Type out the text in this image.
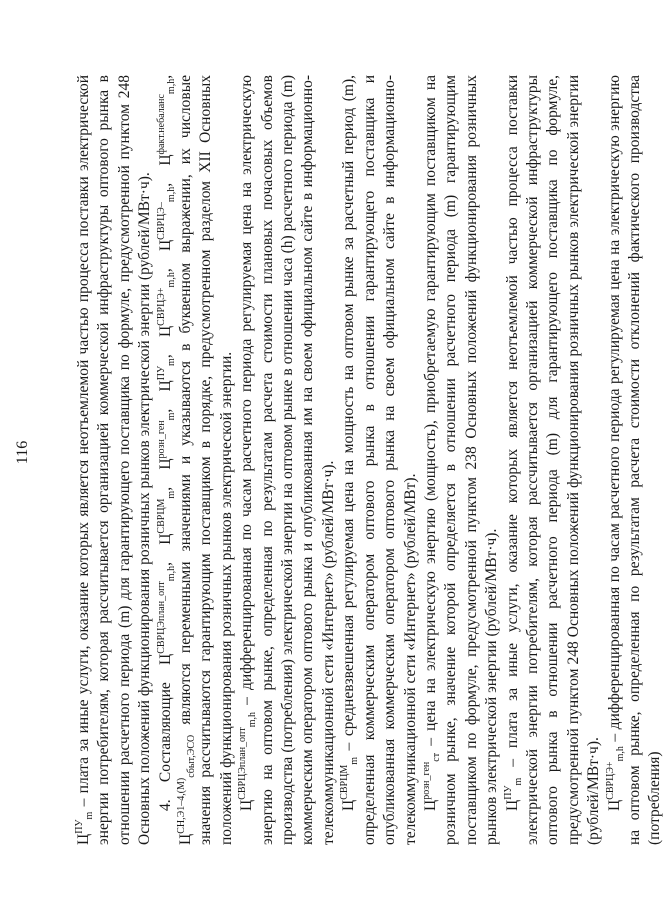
116

$Ц^{ПУ}_m$ – плата за иные услуги, оказание которых является неотъемлемой частью процесса поставки электрической энергии потребителям, которая рассчитывается организацией коммерческой инфраструктуры оптового рынка в отношении расчетного периода (m) для гарантирующего поставщика по формуле, предусмотренной пунктом 248 Основных положений функционирования розничных рынков электрической энергии (рублей/МВт·ч). 4. Составляющие $Ц^{СВРЦЭплан\_опт}_{m,h}$, $Ц^{СВРЦМ}_m$, $Ц^{розн\_ген}_m$, $Ц^{ПУ}_m$, $Ц^{СВРЦЭ+}_{m,h}$, $Ц^{СВРЦЭ-}_{m,h}$, $Ц^{факт.небаланс}_{m,h}$, $Ц^{СН,Э1-4,(М)}_{сбыт,ЭСО}$ являются переменными значениями и указываются в буквенном выражении, их числовые значения рассчитываются гарантирующим поставщиком в порядке, предусмотренном разделом XII Основных положений функционирования розничных рынков электрической энергии. $Ц^{СВРЦЭплан\_опт}_{m,h}$ – дифференцированная по часам расчетного периода регулируемая цена на электрическую энергию на оптовом рынке, определенная по результатам расчета стоимости плановых почасовых объемов производства (потребления) электрической энергии на оптовом рынке в отношении часа (h) расчетного периода (m) коммерческим оператором оптового рынка и опубликованная им на своем официальном сайте в информационно-телекоммуникационной сети «Интернет» (рублей/МВт·ч). $Ц^{СВРЦМ}_m$ – средневзвешенная регулируемая цена на мощность на оптовом рынке за расчетный период (m), определенная коммерческим оператором оптового рынка в отношении гарантирующего поставщика и опубликованная коммерческим оператором оптового рынка на своем официальном сайте в информационно-телекоммуникационной сети «Интернет» (рублей/МВт). $Ц^{розн\_ген}_{ст}$ – цена на электрическую энергию (мощность), приобретаемую гарантирующим поставщиком на розничном рынке, значение которой определяется в отношении расчетного периода (m) гарантирующим поставщиком по формуле, предусмотренной пунктом 238 Основных положений функционирования розничных рынков электрической энергии (рублей/МВт·ч). $Ц^{ПУ}_m$ – плата за иные услуги, оказание которых является неотъемлемой частью процесса поставки электрической энергии потребителям, которая рассчитывается организацией коммерческой инфраструктуры оптового рынка в отношении расчетного периода (m) для гарантирующего поставщика по формуле, предусмотренной пунктом 248 Основных положений функционирования розничных рынков электрической энергии (рублей/МВт·ч). $Ц^{СВРЦЭ+}_{m,h}$ – дифференцированная по часам расчетного периода регулируемая цена на электрическую энергию на оптовом рынке, определенная по результатам расчета стоимости отклонений фактического производства (потребления)
